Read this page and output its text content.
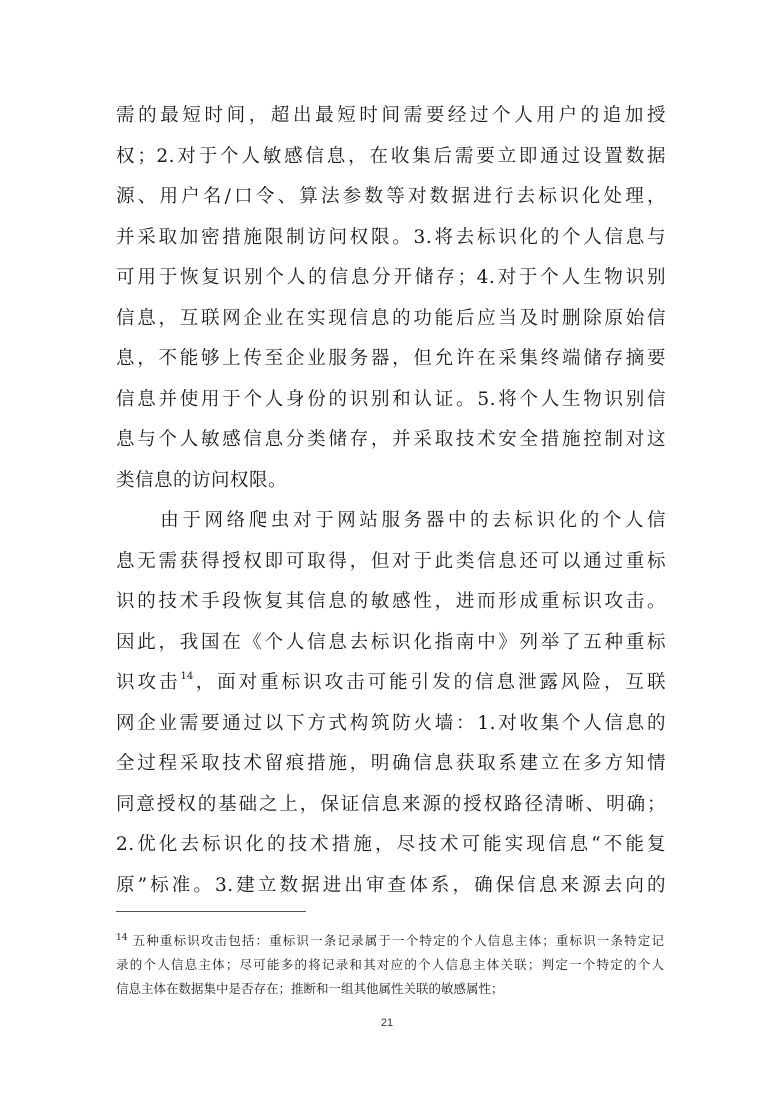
需的最短时间，超出最短时间需要经过个人用户的追加授
权；2.对于个人敏感信息，在收集后需要立即通过设置数据
源、用户名/口令、算法参数等对数据进行去标识化处理，
并采取加密措施限制访问权限。3.将去标识化的个人信息与
可用于恢复识别个人的信息分开储存；4.对于个人生物识别
信息，互联网企业在实现信息的功能后应当及时删除原始信
息，不能够上传至企业服务器，但允许在采集终端储存摘要
信息并使用于个人身份的识别和认证。5.将个人生物识别信
息与个人敏感信息分类储存，并采取技术安全措施控制对这
类信息的访问权限。
　　由于网络爬虫对于网站服务器中的去标识化的个人信
息无需获得授权即可取得，但对于此类信息还可以通过重标
识的技术手段恢复其信息的敏感性，进而形成重标识攻击。
因此，我国在《个人信息去标识化指南中》列举了五种重标
识攻击$^{14}$，面对重标识攻击可能引发的信息泄露风险，互联
网企业需要通过以下方式构筑防火墙：1.对收集个人信息的
全过程采取技术留痕措施，明确信息获取系建立在多方知情
同意授权的基础之上，保证信息来源的授权路径清晰、明确；
2.优化去标识化的技术措施，尽技术可能实现信息“不能复
原”标准。3.建立数据进出审查体系，确保信息来源去向的
$^{14}$ 五种重标识攻击包括：重标识一条记录属于一个特定的个人信息主体；重标识一条特定记
录的个人信息主体；尽可能多的将记录和其对应的个人信息主体关联；判定一个特定的个人
信息主体在数据集中是否存在；推断和一组其他属性关联的敏感属性；
21
